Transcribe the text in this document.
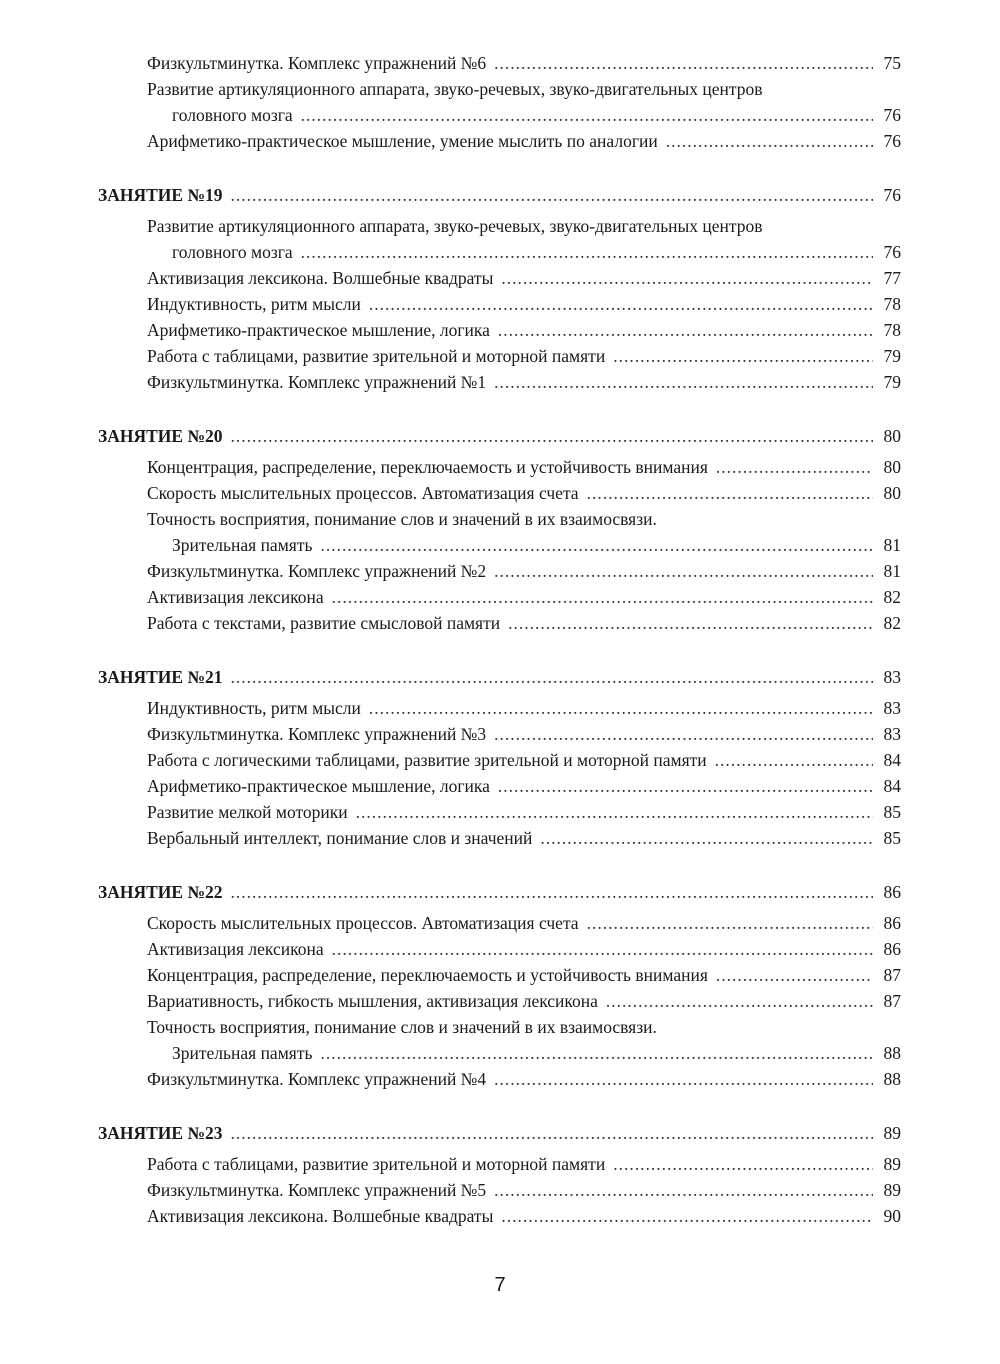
Физкультминутка. Комплекс упражнений №6 .....	75
Развитие артикуляционного аппарата, звуко-речевых, звуко-двигательных центров
головного мозга .....	76
Арифметико-практическое мышление, умение мыслить по аналогии .....	76
ЗАНЯТИЕ №19 .....	76
Развитие артикуляционного аппарата, звуко-речевых, звуко-двигательных центров
головного мозга .....	76
Активизация лексикона. Волшебные квадраты .....	77
Индуктивность, ритм мысли .....	78
Арифметико-практическое мышление, логика .....	78
Работа с таблицами, развитие зрительной и моторной памяти .....	79
Физкультминутка. Комплекс упражнений №1 .....	79
ЗАНЯТИЕ №20 .....	80
Концентрация, распределение, переключаемость и устойчивость внимания .....	80
Скорость мыслительных процессов. Автоматизация счета .....	80
Точность восприятия, понимание слов и значений в их взаимосвязи.
Зрительная память .....	81
Физкультминутка. Комплекс упражнений №2 .....	81
Активизация лексикона .....	82
Работа с текстами, развитие смысловой памяти .....	82
ЗАНЯТИЕ №21 .....	83
Индуктивность, ритм мысли .....	83
Физкультминутка. Комплекс упражнений №3 .....	83
Работа с логическими таблицами, развитие зрительной и моторной памяти .....	84
Арифметико-практическое мышление, логика .....	84
Развитие мелкой моторики .....	85
Вербальный интеллект, понимание слов и значений .....	85
ЗАНЯТИЕ №22 .....	86
Скорость мыслительных процессов. Автоматизация счета .....	86
Активизация лексикона .....	86
Концентрация, распределение, переключаемость и устойчивость внимания .....	87
Вариативность, гибкость мышления, активизация лексикона .....	87
Точность восприятия, понимание слов и значений в их взаимосвязи.
Зрительная память .....	88
Физкультминутка. Комплекс упражнений №4 .....	88
ЗАНЯТИЕ №23 .....	89
Работа с таблицами, развитие зрительной и моторной памяти .....	89
Физкультминутка. Комплекс упражнений №5 .....	89
Активизация лексикона. Волшебные квадраты .....	90
7
